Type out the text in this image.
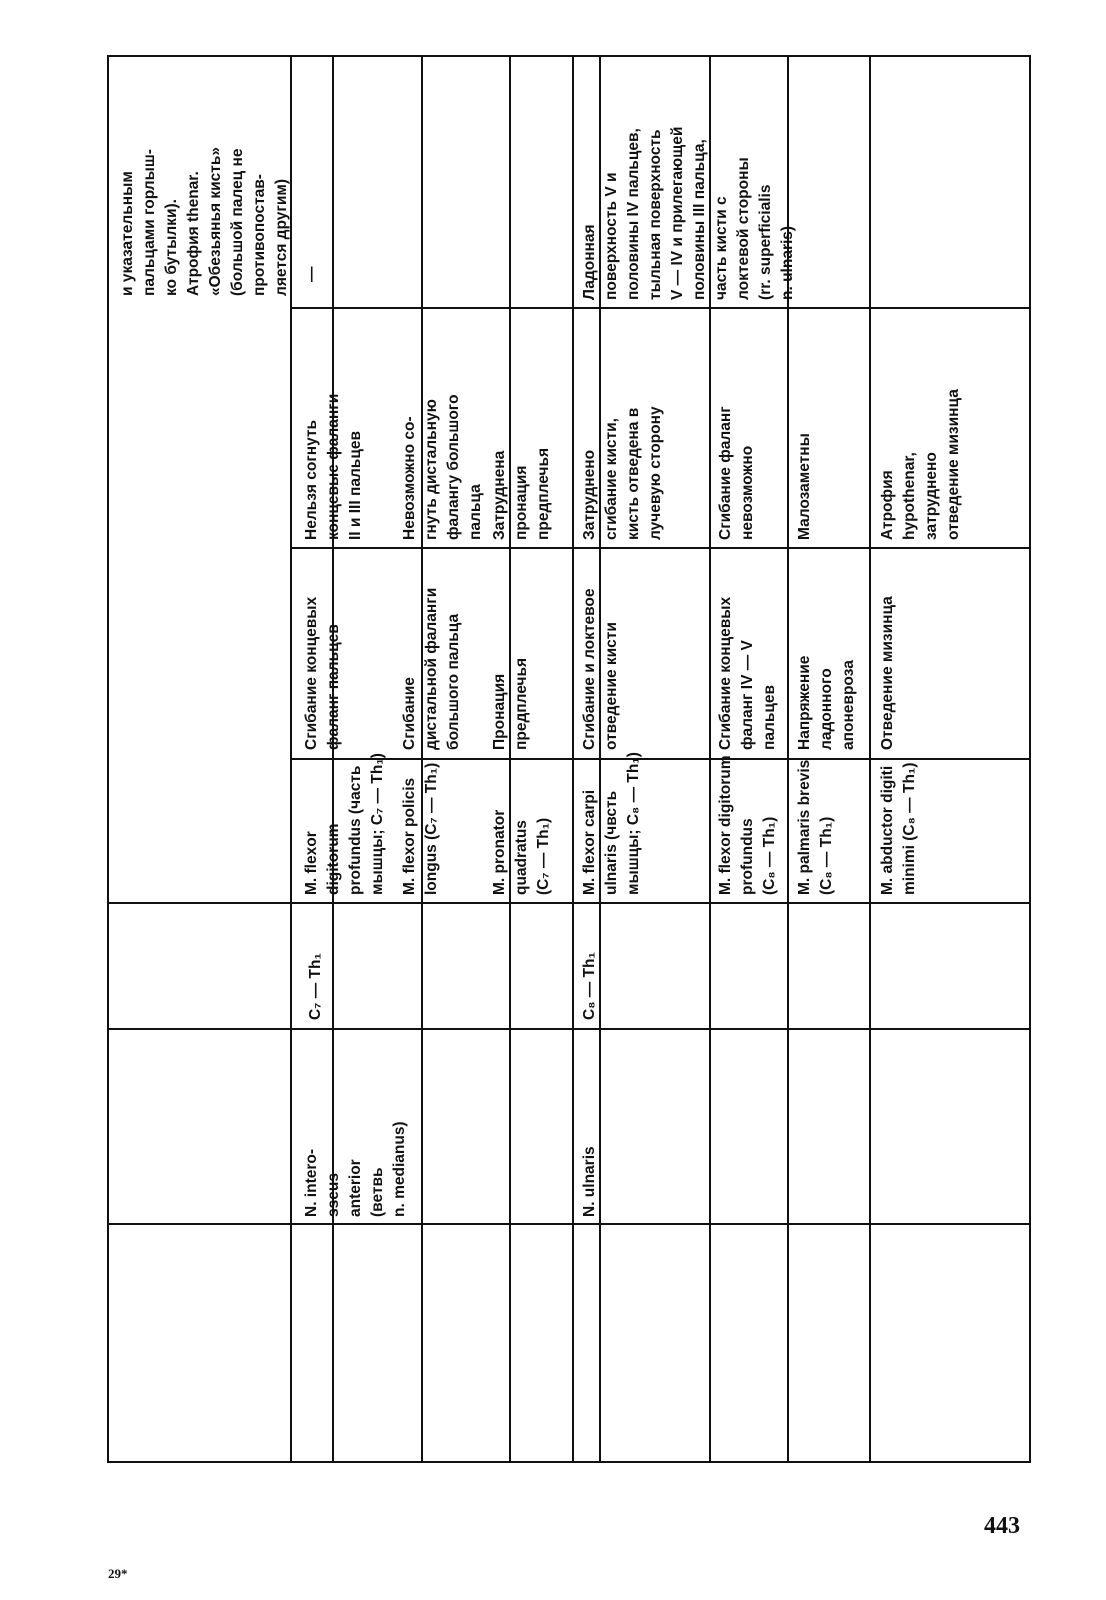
и указательным пальцами горлыш- ко бутылки). Атрофия thenar. «Обезьянья кисть» (большой палец не противопостав- ляется другим)
N. intero- sseus anterior (ветвь n. medianus)
C₇ — Th₁
M. flexor digitorum profundus (часть мышцы; C₇ — Th₁)
Сгибание концевых фаланг пальцев
Нельзя согнуть концевые фаланги II и III пальцев
—
M. flexor policis longus (C₇ — Th₁)
Сгибание дистальной фаланги большого пальца
Невозможно со- гнуть дистальную фалангу большого пальца
M. pronator quadratus (C₇ — Th₁)
Пронация предплечья
Затруднена пронация предплечья
N. ulnaris
C₈ — Th₁
M. flexor carpi ulnaris (чвсть мышцы; C₈ — Th₁)
Сгибание и локтевое отведение кисти
Затруднено сгибание кисти, кисть отведена в лучевую сторону
Ладонная поверхность V и половины IV пальцев, тыльная поверхность V — IV и прилегающей половины III пальца, часть кисти с локтевой стороны (rr. superficialis n. ulnaris)
M. flexor digitorum profundus (C₈ — Th₁)
Сгибание концевых фаланг IV — V пальцев
Сгибание фаланг невозможно
M. palmaris brevis (C₈ — Th₁)
Напряжение ладонного апоневроза
Малозаметны
M. abductor digiti minimi (C₈ — Th₁)
Отведение мизинца
Атрофия hypothenar, затруднено отведение мизинца
443
29*
